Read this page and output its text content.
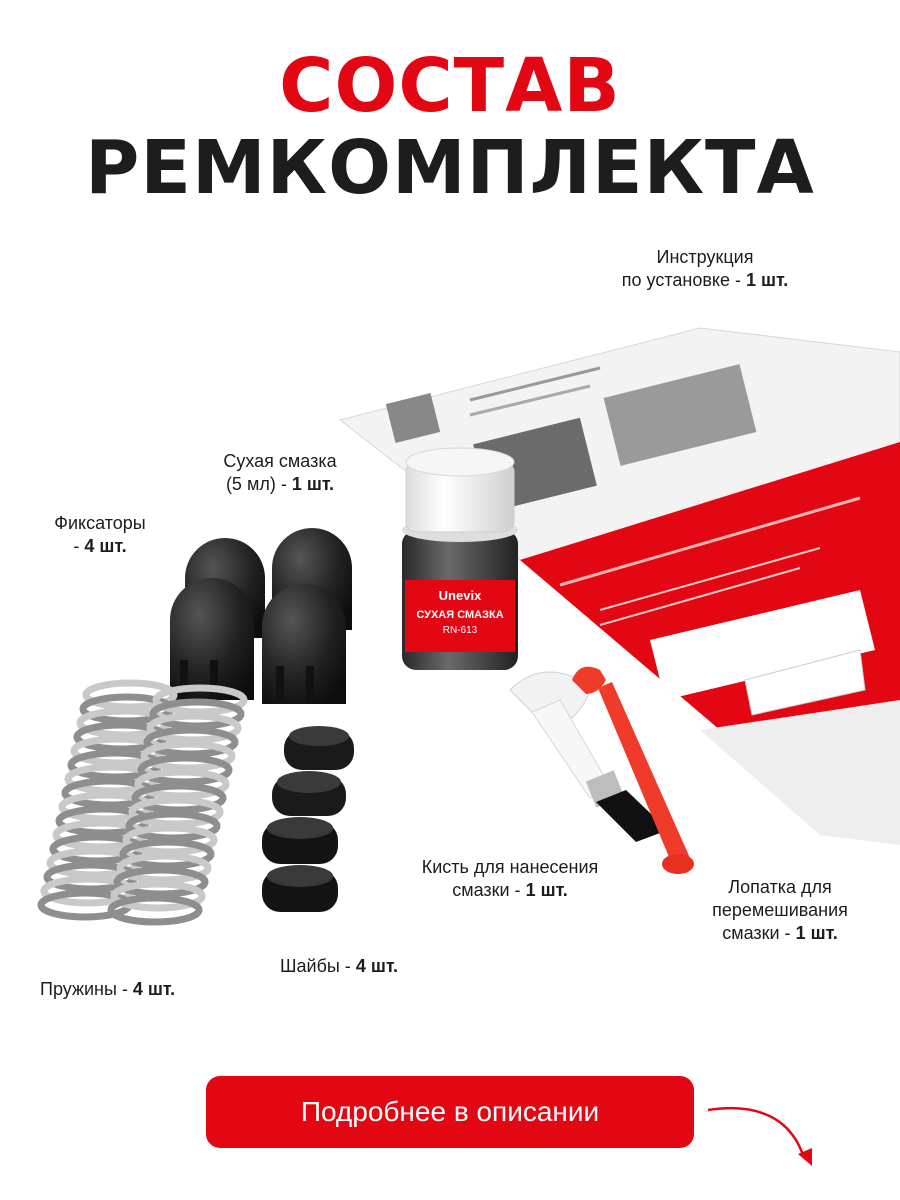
СОСТАВ
РЕМКОМПЛЕКТА
Инструкция
по установке - 1 шт.
Сухая смазка
(5 мл) - 1 шт.
Фиксаторы
- 4 шт.
Пружины - 4 шт.
Шайбы - 4 шт.
Кисть для нанесения
смазки - 1 шт.	Лопатка для
перемешивания
смазки - 1 шт.
Unevix
СУХАЯ СМАЗКА
RN-613
Подробнее в описании
